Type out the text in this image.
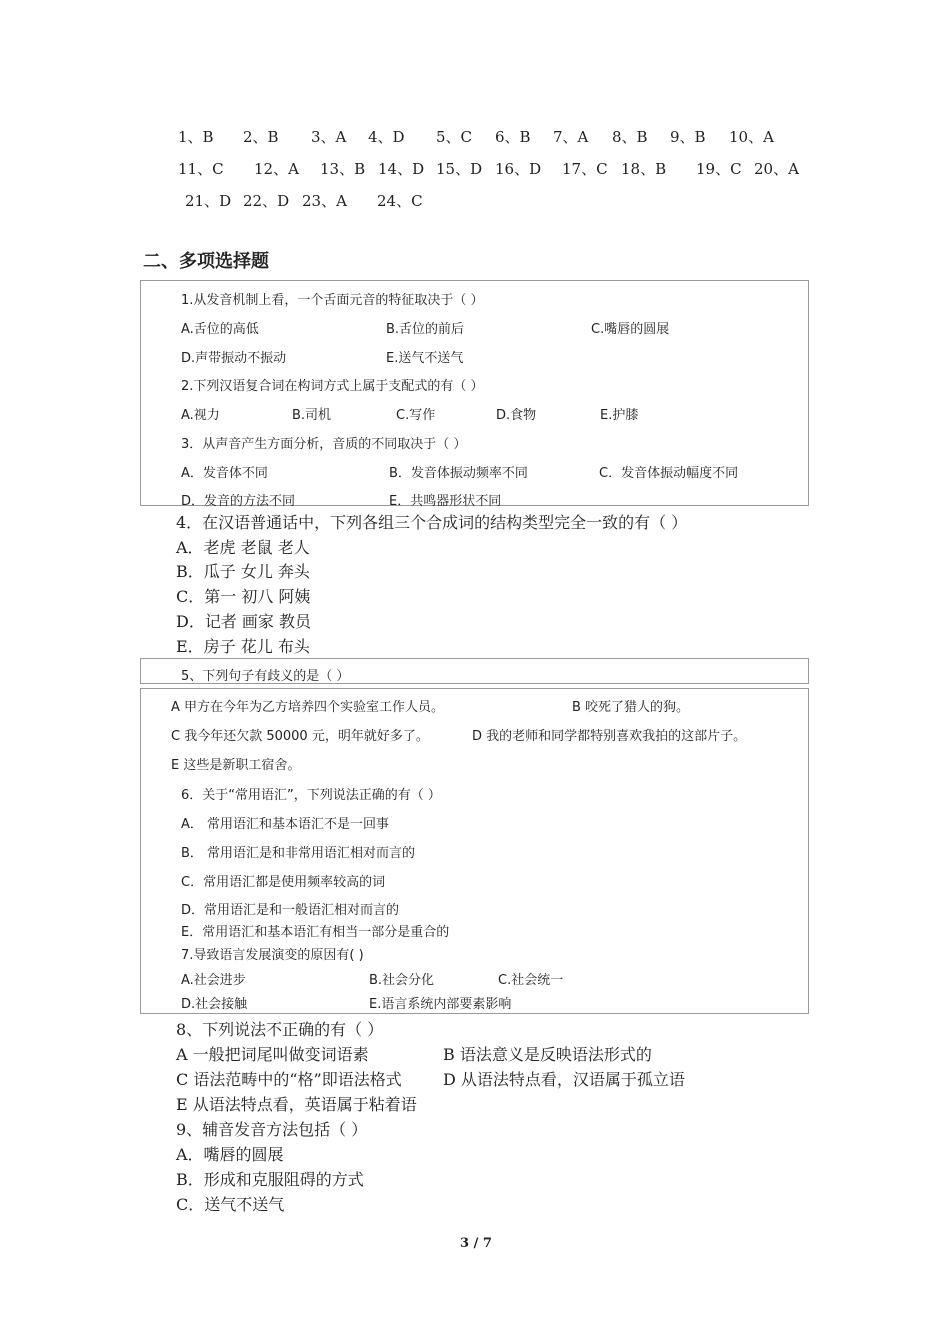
1、B 2、B 3、A 4、D 5、C 6、B 7、A 8、B 9、B 10、A
11、C 12、A 13、B 14、D 15、D 16、D 17、C 18、B 19、C 20、A
21、D 22、D 23、A 24、C
二、多项选择题
1.从发音机制上看，一个舌面元音的特征取决于（ ）
A.舌位的高低	B.舌位的前后	C.嘴唇的圆展
D.声带振动不振动	E.送气不送气
2.下列汉语复合词在构词方式上属于支配式的有（ ）
A.视力	B.司机	C.写作	D.食物	E.护膝
3．从声音产生方面分析，音质的不同取决于（ ）
A．发音体不同	B．发音体振动频率不同	C．发音体振动幅度不同
D．发音的方法不同	E．共鸣器形状不同
4．在汉语普通话中，下列各组三个合成词的结构类型完全一致的有（ ）
A．老虎 老鼠 老人
B．瓜子 女儿 奔头
C．第一 初八 阿姨
D．记者 画家 教员
E．房子 花儿 布头
5、下列句子有歧义的是（ ）
A 甲方在今年为乙方培养四个实验室工作人员。	B 咬死了猎人的狗。
C 我今年还欠款 50000 元，明年就好多了。	D 我的老师和同学都特别喜欢我拍的这部片子。
E 这些是新职工宿舍。
6．关于“常用语汇”，下列说法正确的有（ ）
A． 常用语汇和基本语汇不是一回事
B． 常用语汇是和非常用语汇相对而言的
C．常用语汇都是使用频率较高的词
D．常用语汇是和一般语汇相对而言的
E．常用语汇和基本语汇有相当一部分是重合的
7.导致语言发展演变的原因有( )
A.社会进步	B.社会分化	C.社会统一
D.社会接触	E.语言系统内部要素影响
8、下列说法不正确的有（ ）
A 一般把词尾叫做变词语素	B 语法意义是反映语法形式的
C 语法范畴中的“格”即语法格式	D 从语法特点看，汉语属于孤立语
E 从语法特点看，英语属于粘着语
9、辅音发音方法包括（ ）
A．嘴唇的圆展
B．形成和克服阻碍的方式
C．送气不送气
3 / 7
